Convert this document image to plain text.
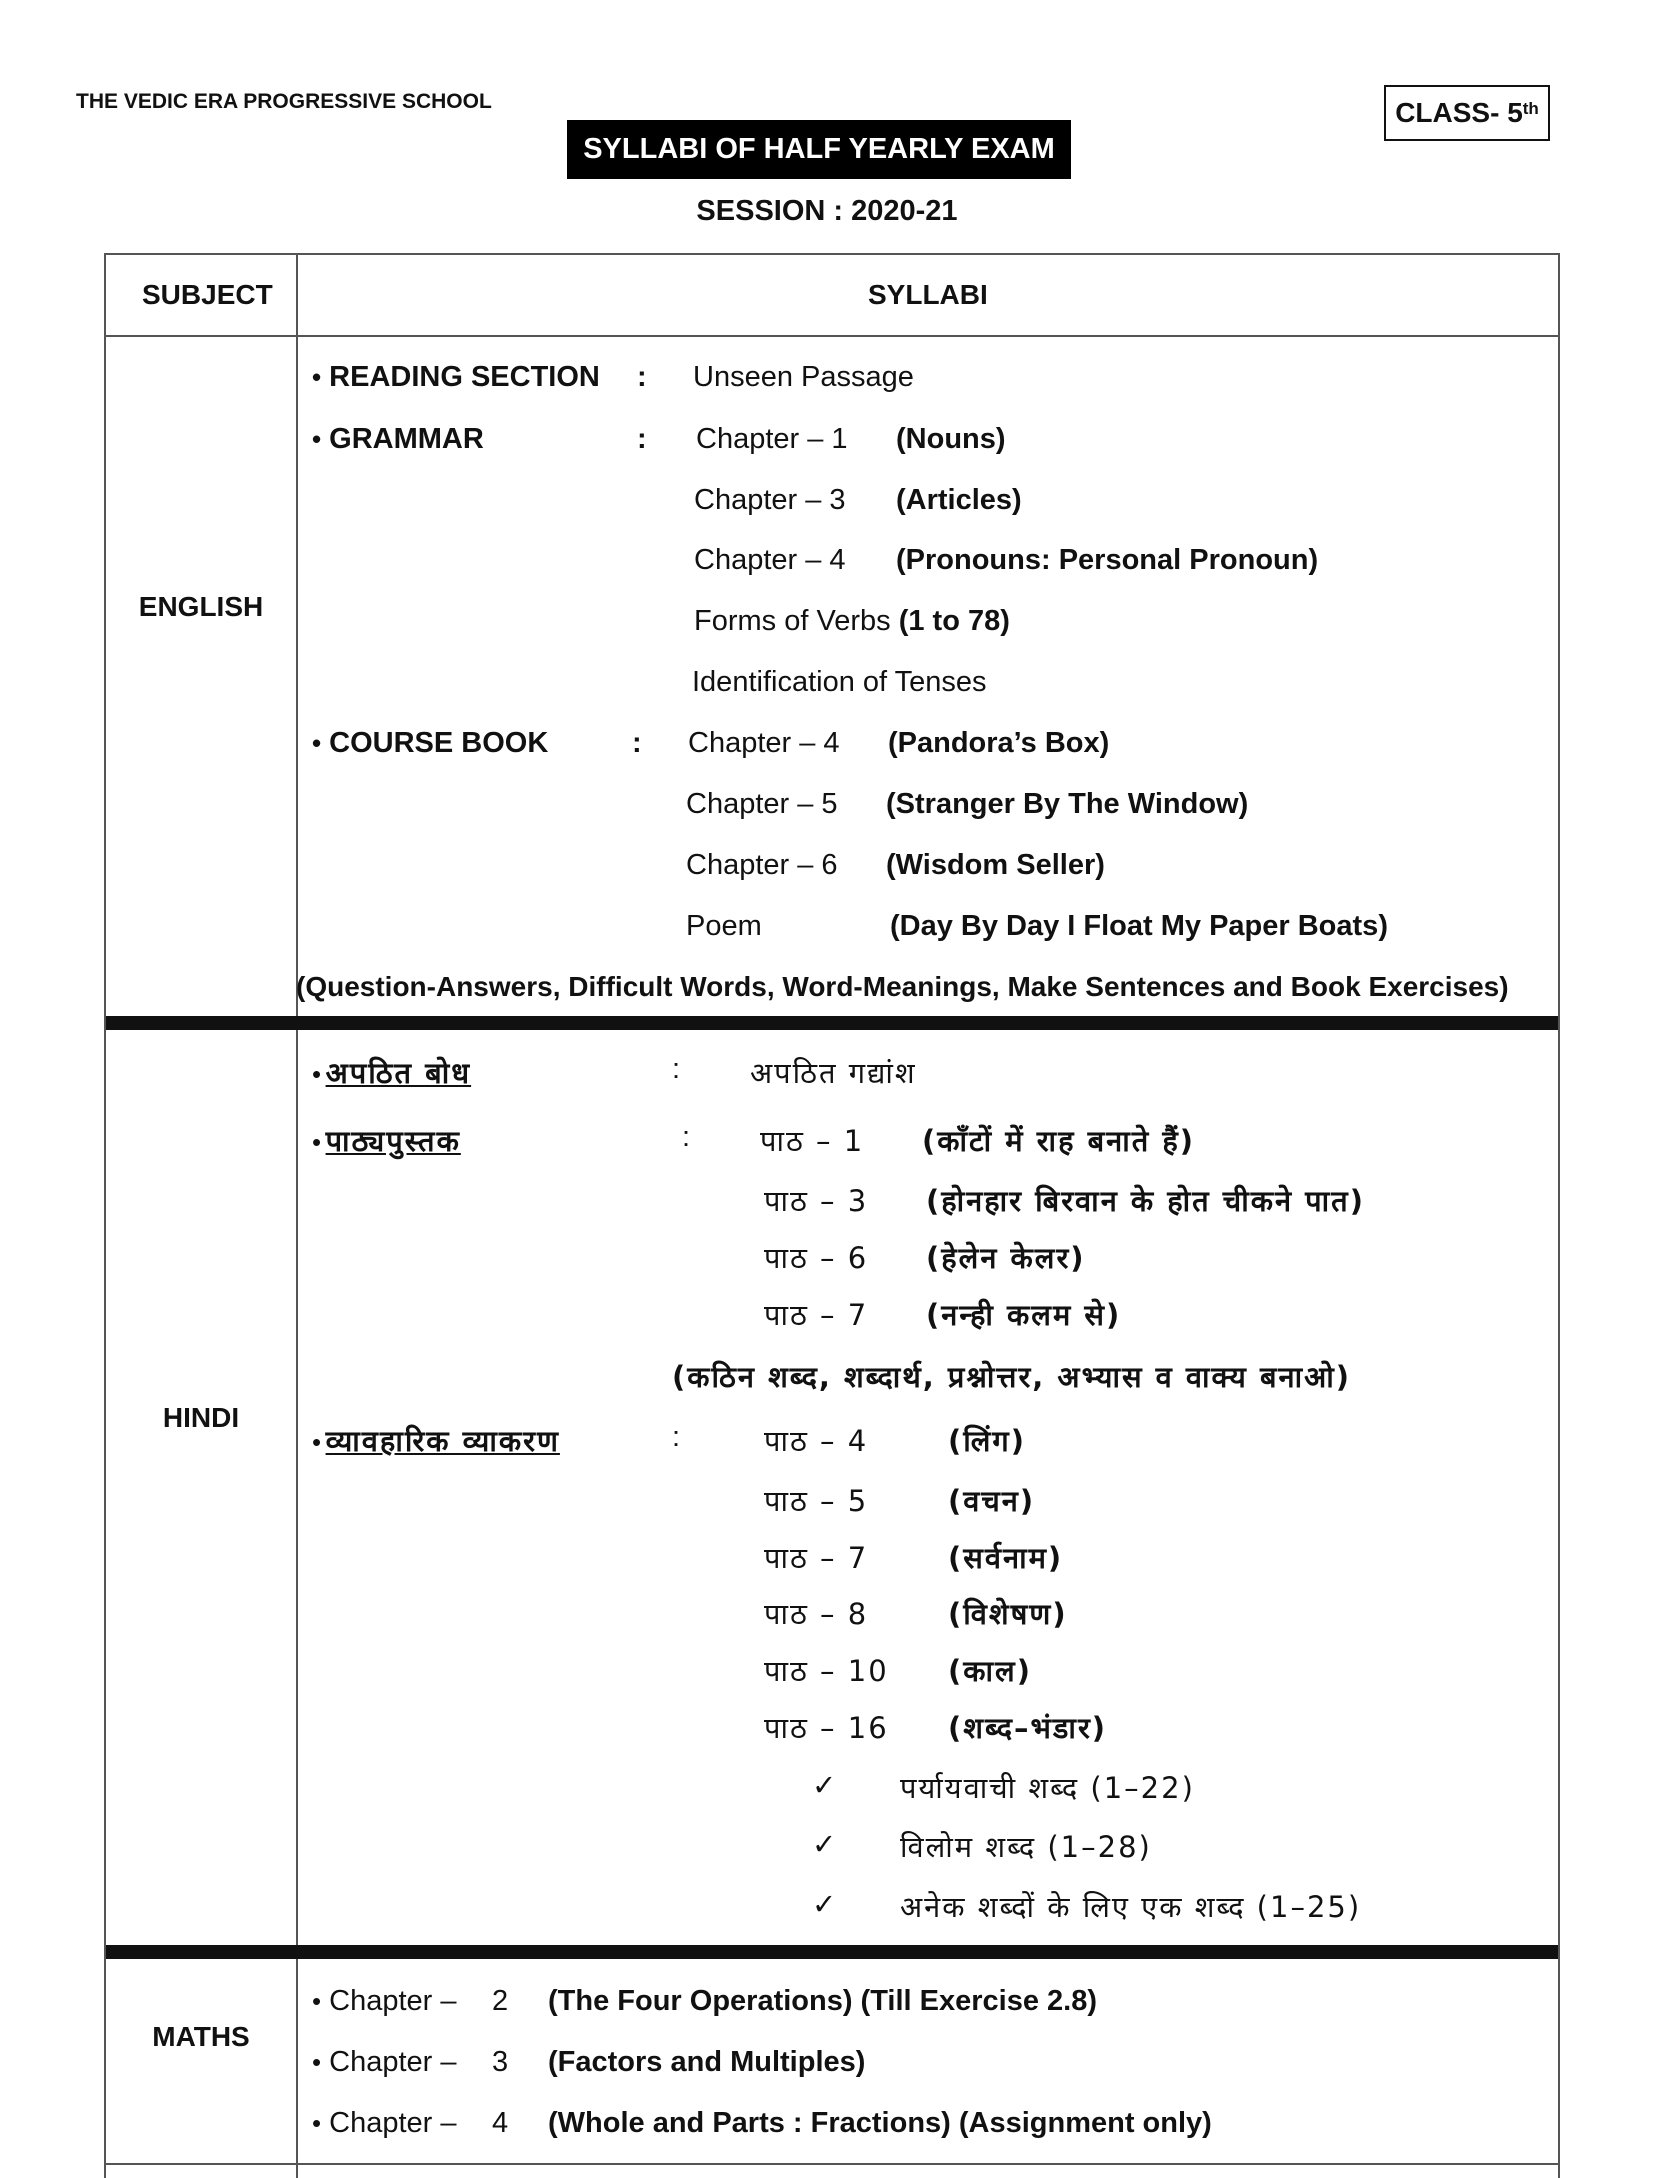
THE VEDIC ERA PROGRESSIVE SCHOOL	CLASS- 5th
SYLLABI OF HALF YEARLY EXAM
SESSION : 2020-21
SUBJECT	SYLLABI
ENGLISH
• READING SECTION : Unseen Passage
• GRAMMAR	: Chapter – 1 (Nouns)
Chapter – 3 (Articles)
Chapter – 4 (Pronouns: Personal Pronoun)
Forms of Verbs (1 to 78)
Identification of Tenses
• COURSE BOOK	: Chapter – 4 (Pandora’s Box)
Chapter – 5 (Stranger By The Window)
Chapter – 6 (Wisdom Seller)
Poem	(Day By Day I Float My Paper Boats)
(Question-Answers, Difficult Words, Word-Meanings, Make Sentences and Book Exercises)
HINDI
• अपठित बोध	: अपठित गद्यांश
• पाठ्यपुस्तक	: पाठ – 1 (काँटों में राह बनाते हैं)
पाठ – 3 (होनहार बिरवान के होत चीकने पात)
पाठ – 6 (हेलेन केलर)
पाठ – 7 (नन्ही कलम से)
(कठिन शब्द, शब्दार्थ, प्रश्नोत्तर, अभ्यास व वाक्य बनाओ)
• व्यावहारिक व्याकरण	:	पाठ – 4	(लिंग)
पाठ – 5	(वचन)
पाठ – 7	(सर्वनाम)
पाठ – 8	(विशेषण)
पाठ – 10 (काल)
पाठ – 16 (शब्द–भंडार)
✓ पर्यायवाची शब्द (1–22)
✓ विलोम शब्द (1–28)
✓ अनेक शब्दों के लिए एक शब्द (1–25)
MATHS
• Chapter – 2 (The Four Operations) (Till Exercise 2.8)
• Chapter – 3 (Factors and Multiples)
• Chapter – 4 (Whole and Parts : Fractions) (Assignment only)
